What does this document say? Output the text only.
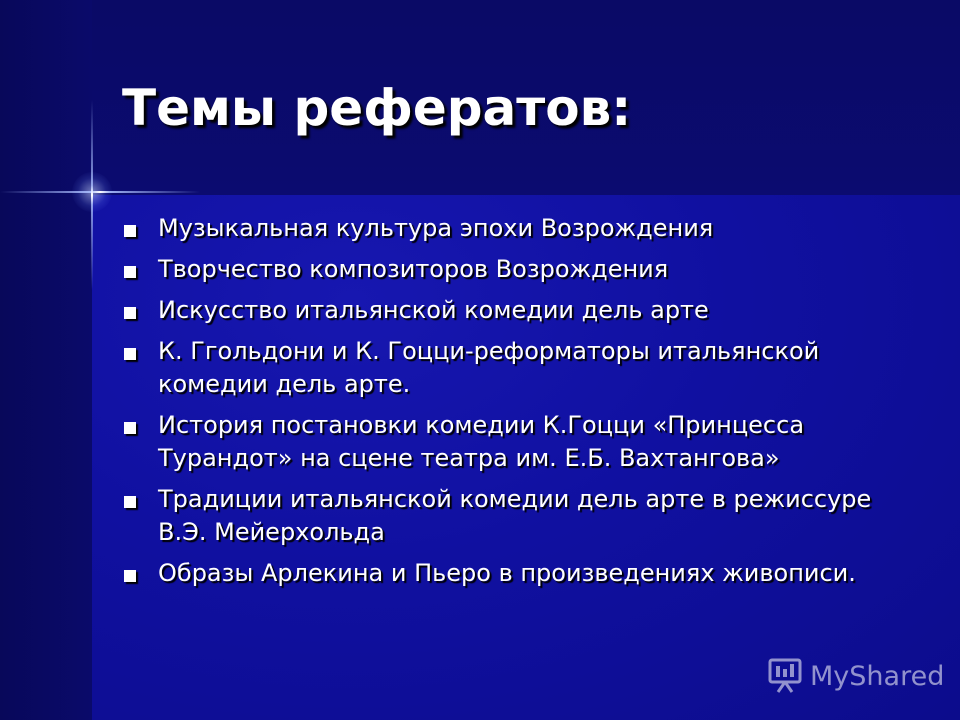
Темы рефератов:
Музыкальная культура эпохи Возрождения
Творчество композиторов Возрождения
Искусство итальянской комедии дель арте
К. Ггольдони и К. Гоцци-реформаторы итальянской комедии дель арте.
История постановки комедии К.Гоцци «Принцесса Турандот» на сцене театра им. Е.Б. Вахтангова»
Традиции итальянской комедии дель арте в режиссуре В.Э. Мейерхольда
Образы Арлекина и Пьеро в произведениях живописи.
MyShared
